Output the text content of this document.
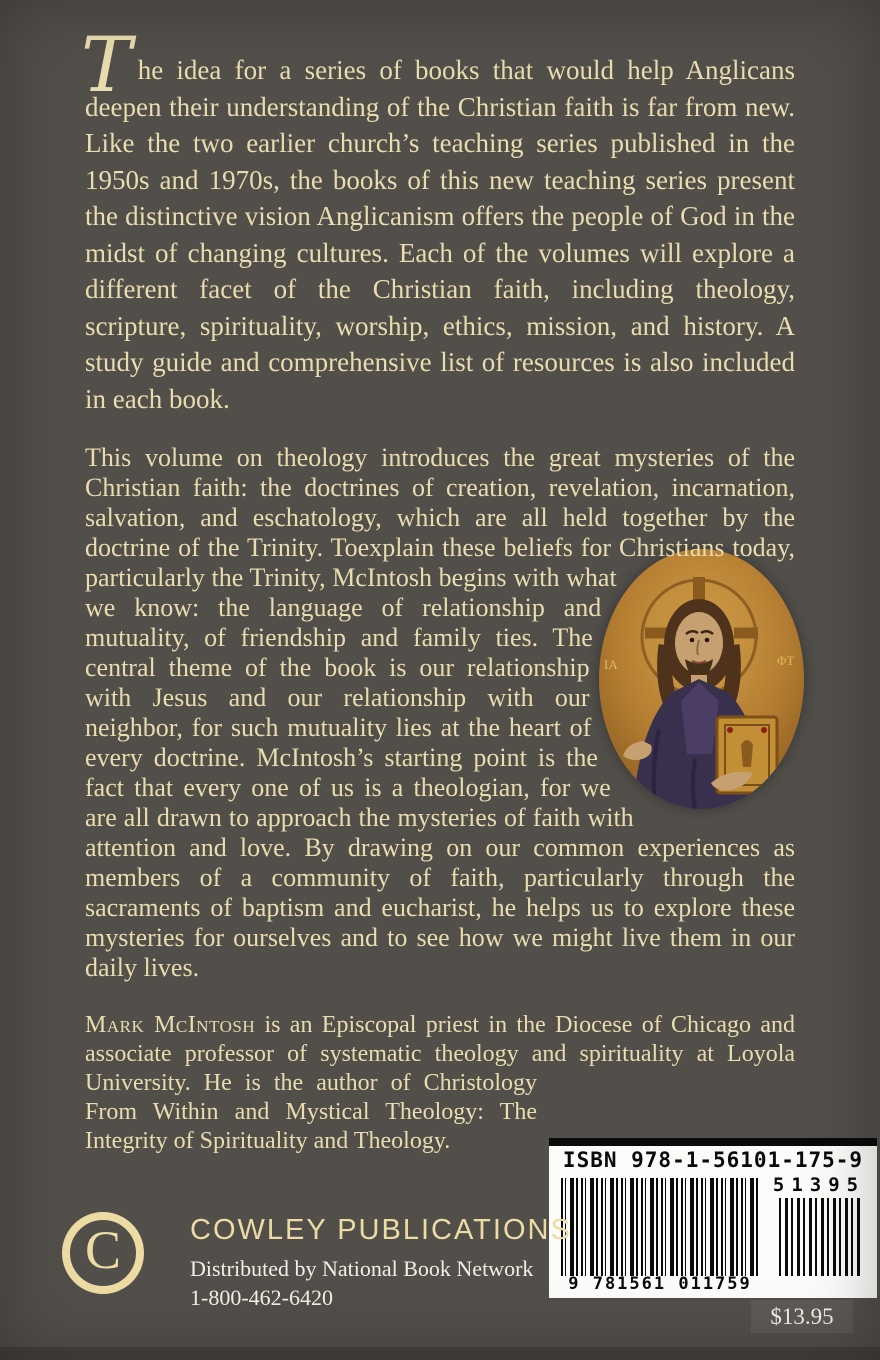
The idea for a series of books that would help Anglicans deepen their understanding of the Christian faith is far from new. Like the two earlier church’s teaching series published in the 1950s and 1970s, the books of this new teaching series present the distinctive vision Anglicanism offers the people of God in the midst of changing cultures. Each of the volumes will explore a different facet of the Christian faith, including theology, scripture, spirituality, worship, ethics, mission, and history. A study guide and comprehensive list of resources is also included in each book.

This volume on theology introduces the great mysteries of the Christian faith: the doctrines of creation, revelation, incarnation, salvation, and eschatology, which are all held together by the doctrine of the Trinity. To
IA	ΦT
explain these beliefs for Christians today, particularly the Trinity, McIntosh begins with what we know: the language of relationship and mutuality, of friendship and family ties. The central theme of the book is our relationship with Jesus and our relationship with our neighbor, for such mutuality lies at the heart of every doctrine. McIntosh’s starting point is the fact that every one of us is a theologian, for we are all drawn to approach the mysteries of faith with attention and love. By drawing on our common experiences as members of a community of faith, particularly through the sacraments of baptism and eucharist, he helps us to explore these mysteries for ourselves and to see how we might live them in our daily lives.

Mark McIntosh is an Episcopal priest in the Diocese of Chicago and associate professor of systematic theology and spirituality at Loyola University. He is the author of Christology From Within and Mystical Theology: The Integrity of Spirituality and Theology.

ISBN 978-1-56101-175-9
9 781561 011759
51395
$13.95
C COWLEY PUBLICATIONS
Distributed by National Book Network
1-800-462-6420
